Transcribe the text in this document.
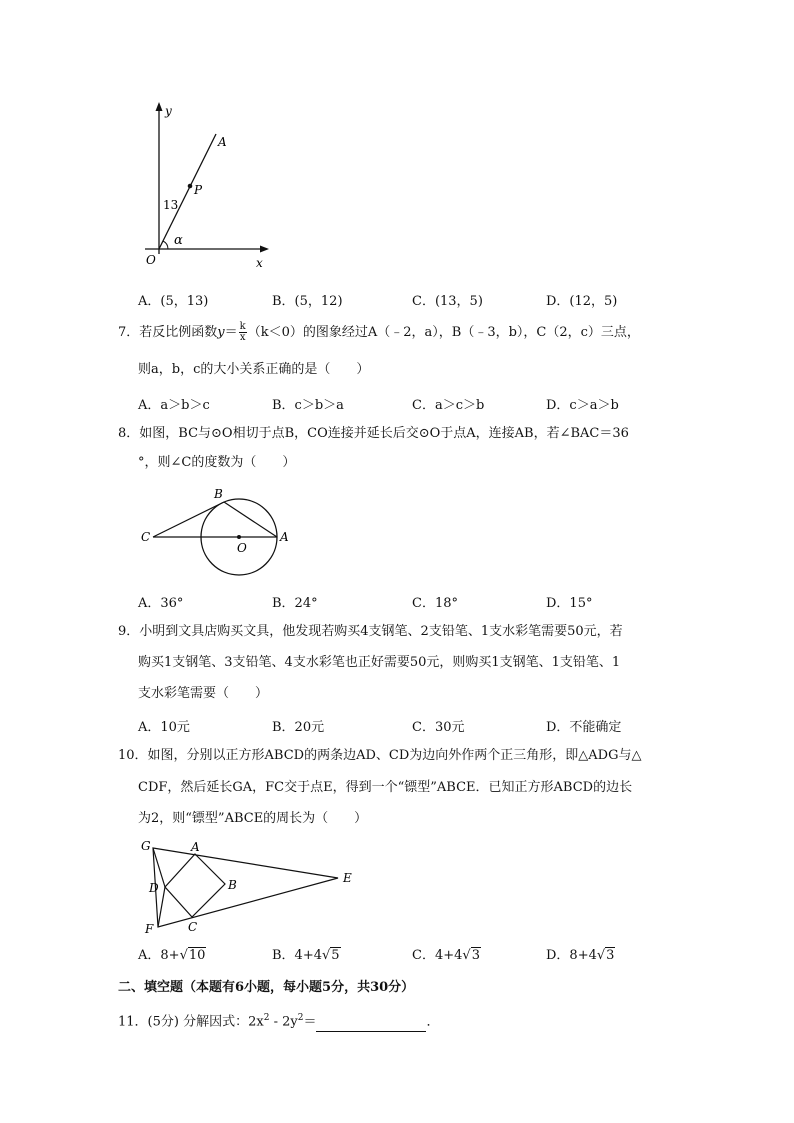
y
A
P
13
α
O	x
A．(5，13)	B．(5，12)	C．(13，5)	D．(12，5)
7．若反比例函数$y= \frac{k}{x} (k<0)$的图象经过A（﹣2，a），B（﹣3，b），C（2，c）三点，
则a，b，c的大小关系正确的是（　　）
A．a＞b＞c	B．c＞b＞a	C．a＞c＞b	D．c＞a＞b
8．如图，BC与⊙O相切于点B，CO连接并延长后交⊙O于点A，连接AB，若∠BAC＝36
°，则∠C的度数为（　　）
B
C
O
A
A．36°	B．24°	C．18°	D．15°
9．小明到文具店购买文具，他发现若购买4支钢笔、2支铅笔、1支水彩笔需要50元，若
购买1支钢笔、3支铅笔、4支水彩笔也正好需要50元，则购买1支钢笔、1支铅笔、1
支水彩笔需要（　　）
A．10元	B．20元	C．30元	D．不能确定
10．如图，分别以正方形ABCD的两条边AD、CD为边向外作两个正三角形，即△ADG与△
CDF，然后延长GA，FC交于点E，得到一个“镖型”ABCE．已知正方形ABCD的边长
为2，则“镖型”ABCE的周长为（　　）
G	A
D	B	E
F	C
A．8+√10	B．4+4√5	C．4+4√3	D．8+4√3
二、填空题（本题有6小题，每小题5分，共30分）
11．(5分) 分解因式：$2x^2 - 2y^2=$	．
